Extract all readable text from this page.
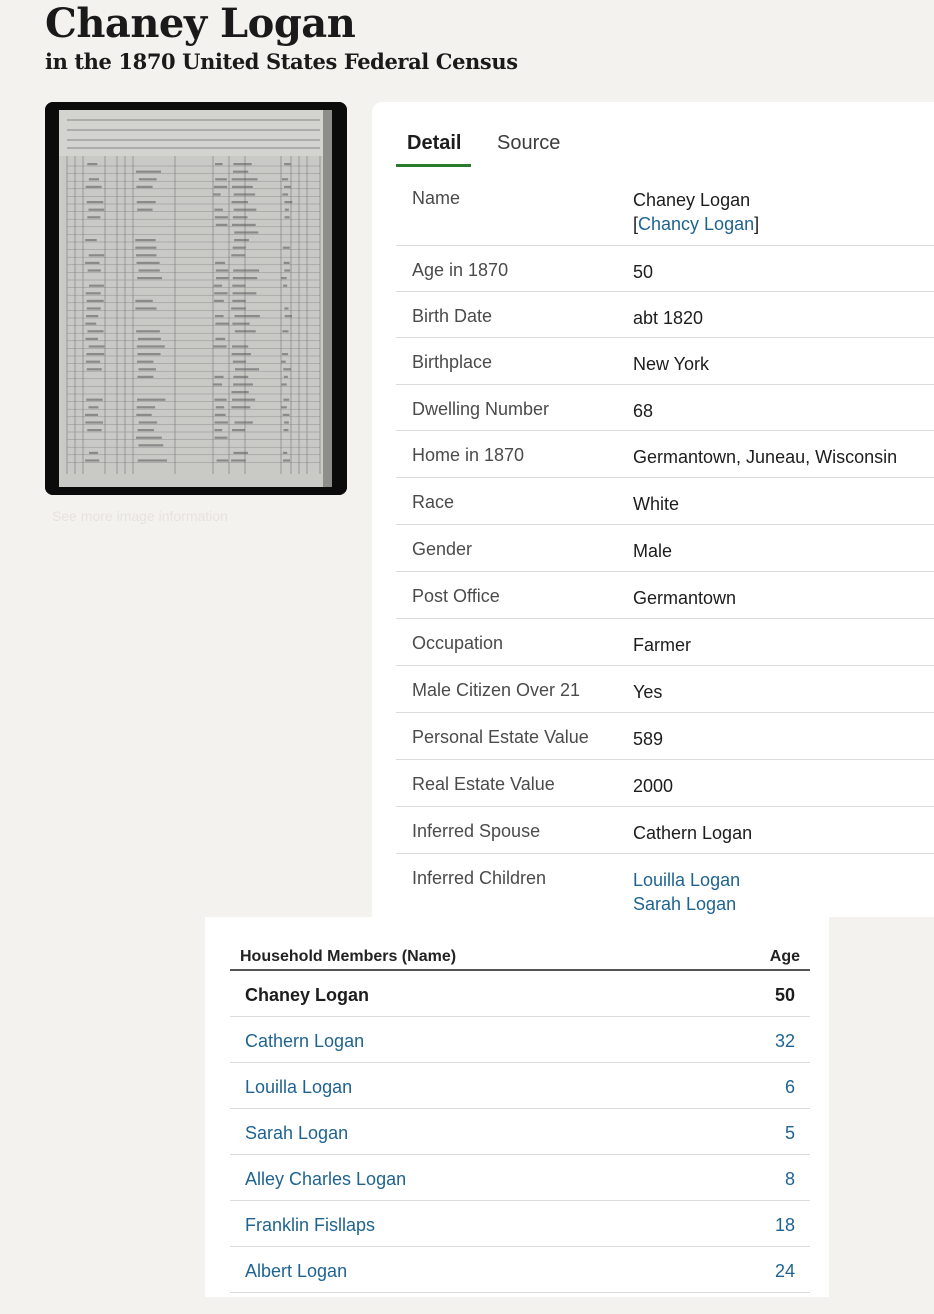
Chaney Logan
in the 1870 United States Federal Census
See more image information
Detail	Source
Name	Chaney Logan
[Chancy Logan]
Age in 1870	50
Birth Date	abt 1820
Birthplace	New York
Dwelling Number	68
Home in 1870	Germantown, Juneau, Wisconsin
Race	White
Gender	Male
Post Office	Germantown
Occupation	Farmer
Male Citizen Over 21	Yes
Personal Estate Value 589
Real Estate Value	2000
Inferred Spouse	Cathern Logan
Inferred Children	Louilla Logan
Sarah Logan
Household Members (Name)	Age
Chaney Logan	50
Cathern Logan	32
Louilla Logan	6
Sarah Logan	5
Alley Charles Logan	8
Franklin Fisllaps	18
Albert Logan	24
